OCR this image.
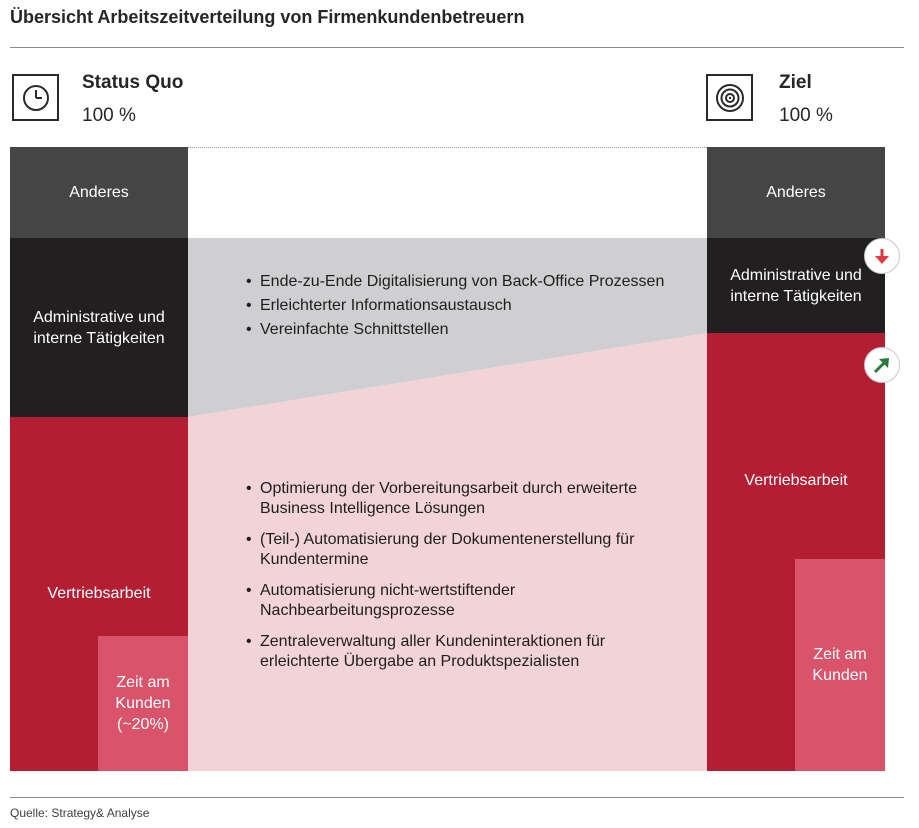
Übersicht Arbeitszeitverteilung von Firmenkundenbetreuern
Status Quo
100 %
Ziel
100 %
Anderes
Administrative und interne Tätigkeiten
Vertriebsarbeit
Zeit am Kunden (~20%)
Anderes
Administrative und interne Tätigkeiten
Vertriebsarbeit
Zeit am Kunden
• Ende-zu-Ende Digitalisierung von Back-Office Prozessen
• Erleichterter Informationsaustausch
• Vereinfachte Schnittstellen
• Optimierung der Vorbereitungsarbeit durch erweiterte Business Intelligence Lösungen
• (Teil-) Automatisierung der Dokumentenerstellung für Kundentermine
• Automatisierung nicht-wertstiftender Nachbearbeitungsprozesse
• Zentraleverwaltung aller Kundeninteraktionen für erleichterte Übergabe an Produktspezialisten
Quelle: Strategy& Analyse
